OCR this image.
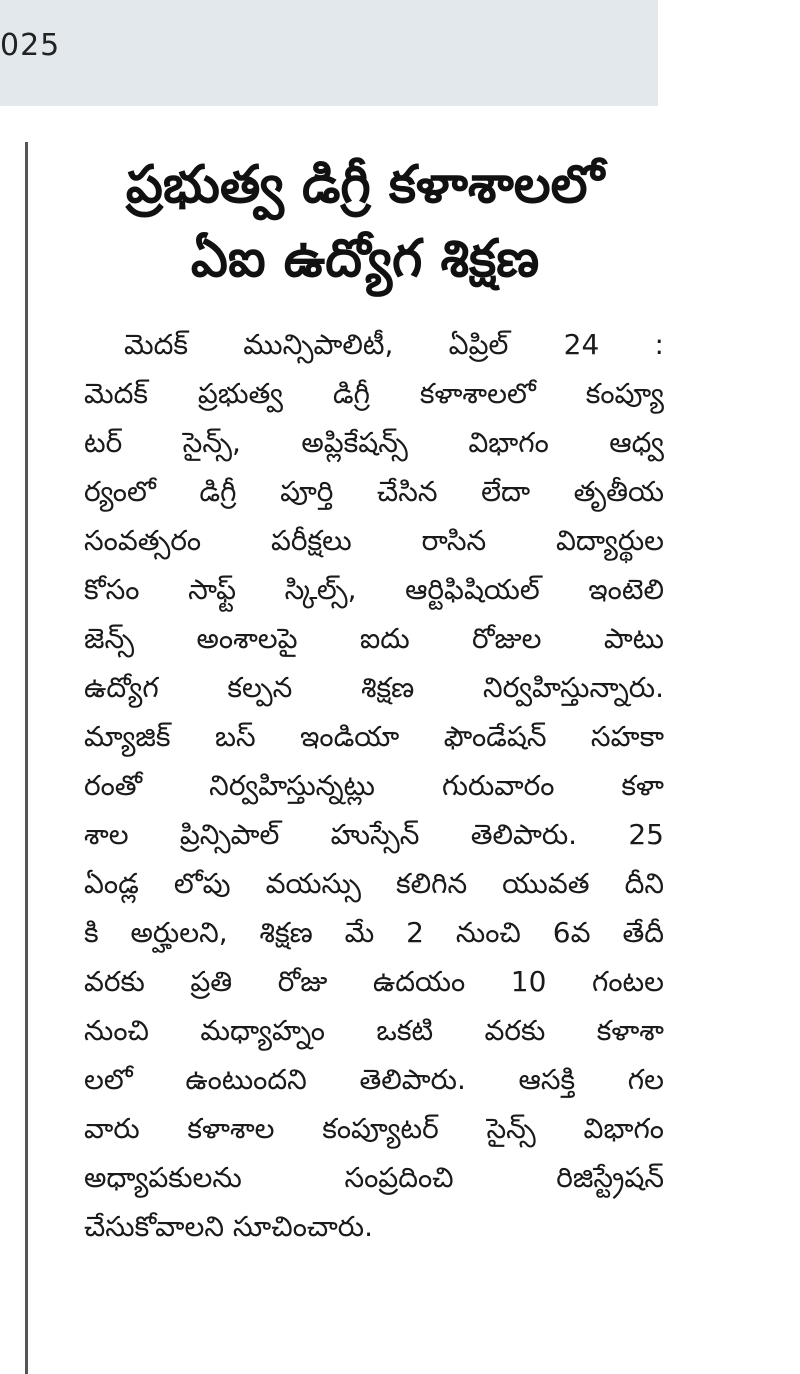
025
ప్రభుత్వ డిగ్రీ కళాశాలలో
ఏఐ ఉద్యోగ శిక్షణ
మెదక్ మున్సిపాలిటీ, ఏప్రిల్ 24 :
మెదక్ ప్రభుత్వ డిగ్రీ కళాశాలలో కంప్యూ
టర్ సైన్స్, అప్లికేషన్స్ విభాగం ఆధ్వ
ర్యంలో డిగ్రీ పూర్తి చేసిన లేదా తృతీయ
సంవత్సరం పరీక్షలు రాసిన విద్యార్థుల
కోసం సాఫ్ట్ స్కిల్స్, ఆర్టిఫిషియల్ ఇంటెలి
జెన్స్ అంశాలపై ఐదు రోజుల పాటు
ఉద్యోగ కల్పన శిక్షణ నిర్వహిస్తున్నారు.
మ్యాజిక్ బస్ ఇండియా ఫౌండేషన్ సహకా
రంతో నిర్వహిస్తున్నట్లు గురువారం కళా
శాల ప్రిన్సిపాల్ హుస్సేన్ తెలిపారు. 25
ఏండ్ల లోపు వయస్సు కలిగిన యువత దీని
కి అర్హులని, శిక్షణ మే 2 నుంచి 6వ తేదీ
వరకు ప్రతి రోజు ఉదయం 10 గంటల
నుంచి మధ్యాహ్నం ఒకటి వరకు కళాశా
లలో ఉంటుందని తెలిపారు. ఆసక్తి గల
వారు కళాశాల కంప్యూటర్ సైన్స్ విభాగం
అధ్యాపకులను సంప్రదించి రిజిస్ట్రేషన్
చేసుకోవాలని సూచించారు.
